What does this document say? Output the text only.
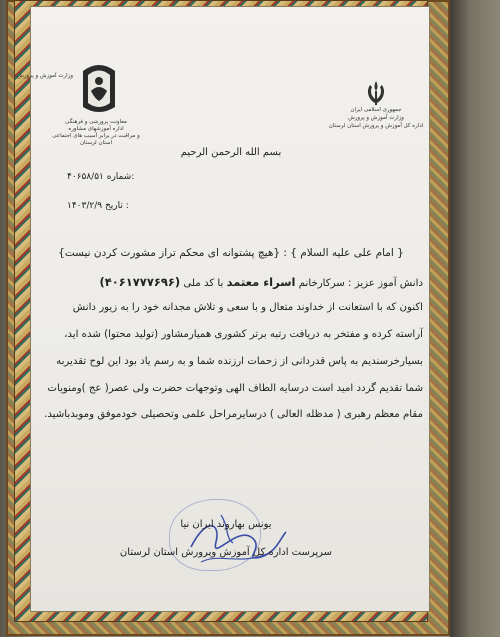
جمهوری اسلامی ایران
وزارت آموزش و پرورش
اداره کل آموزش و پرورش استان لرستان
وزارت آموزش و پرورش
معاونت پرورشی و فرهنگی
اداره آموزشهای مشاوره
و مراقبت در برابر آسیب های اجتماعی
استان لرستان
بسم الله الرحمن الرحیم
۴۰۶۵۸/۵۱ شماره:
۱۴۰۳/۲/۹ تاریخ :
{ امام علی علیه السلام } : {هیچ پشتوانه ای محکم تراز مشورت کردن نیست}
دانش آموز عزیز : سرکارخانم اسراء معتمد با کد ملی (۴۰۶۱۷۷۷۶۹۶)
اکنون که با استعانت از خداوند متعال و با سعی و تلاش مجدانه خود را به زیور دانش
آراسته کرده و مفتخر به دریافت رتبه برتر کشوری همیارمشاور (تولید محتوا) شده اید،
بسیارخرسندیم به پاس قدردانی از زحمات ارزنده شما و به رسم یاد بود این لوح تقدیربه
شما تقدیم گردد امید است درسایه الطاف الهی وتوجهات حضرت ولی عصر( عج )ومنویات
مقام معظم رهبری ( مدظله العالی ) درسایرمراحل علمی وتحصیلی خودموفق وموبدباشید.
یونس بهاروند ایران نیا
سرپرست اداره کل آموزش وپرورش استان لرستان
